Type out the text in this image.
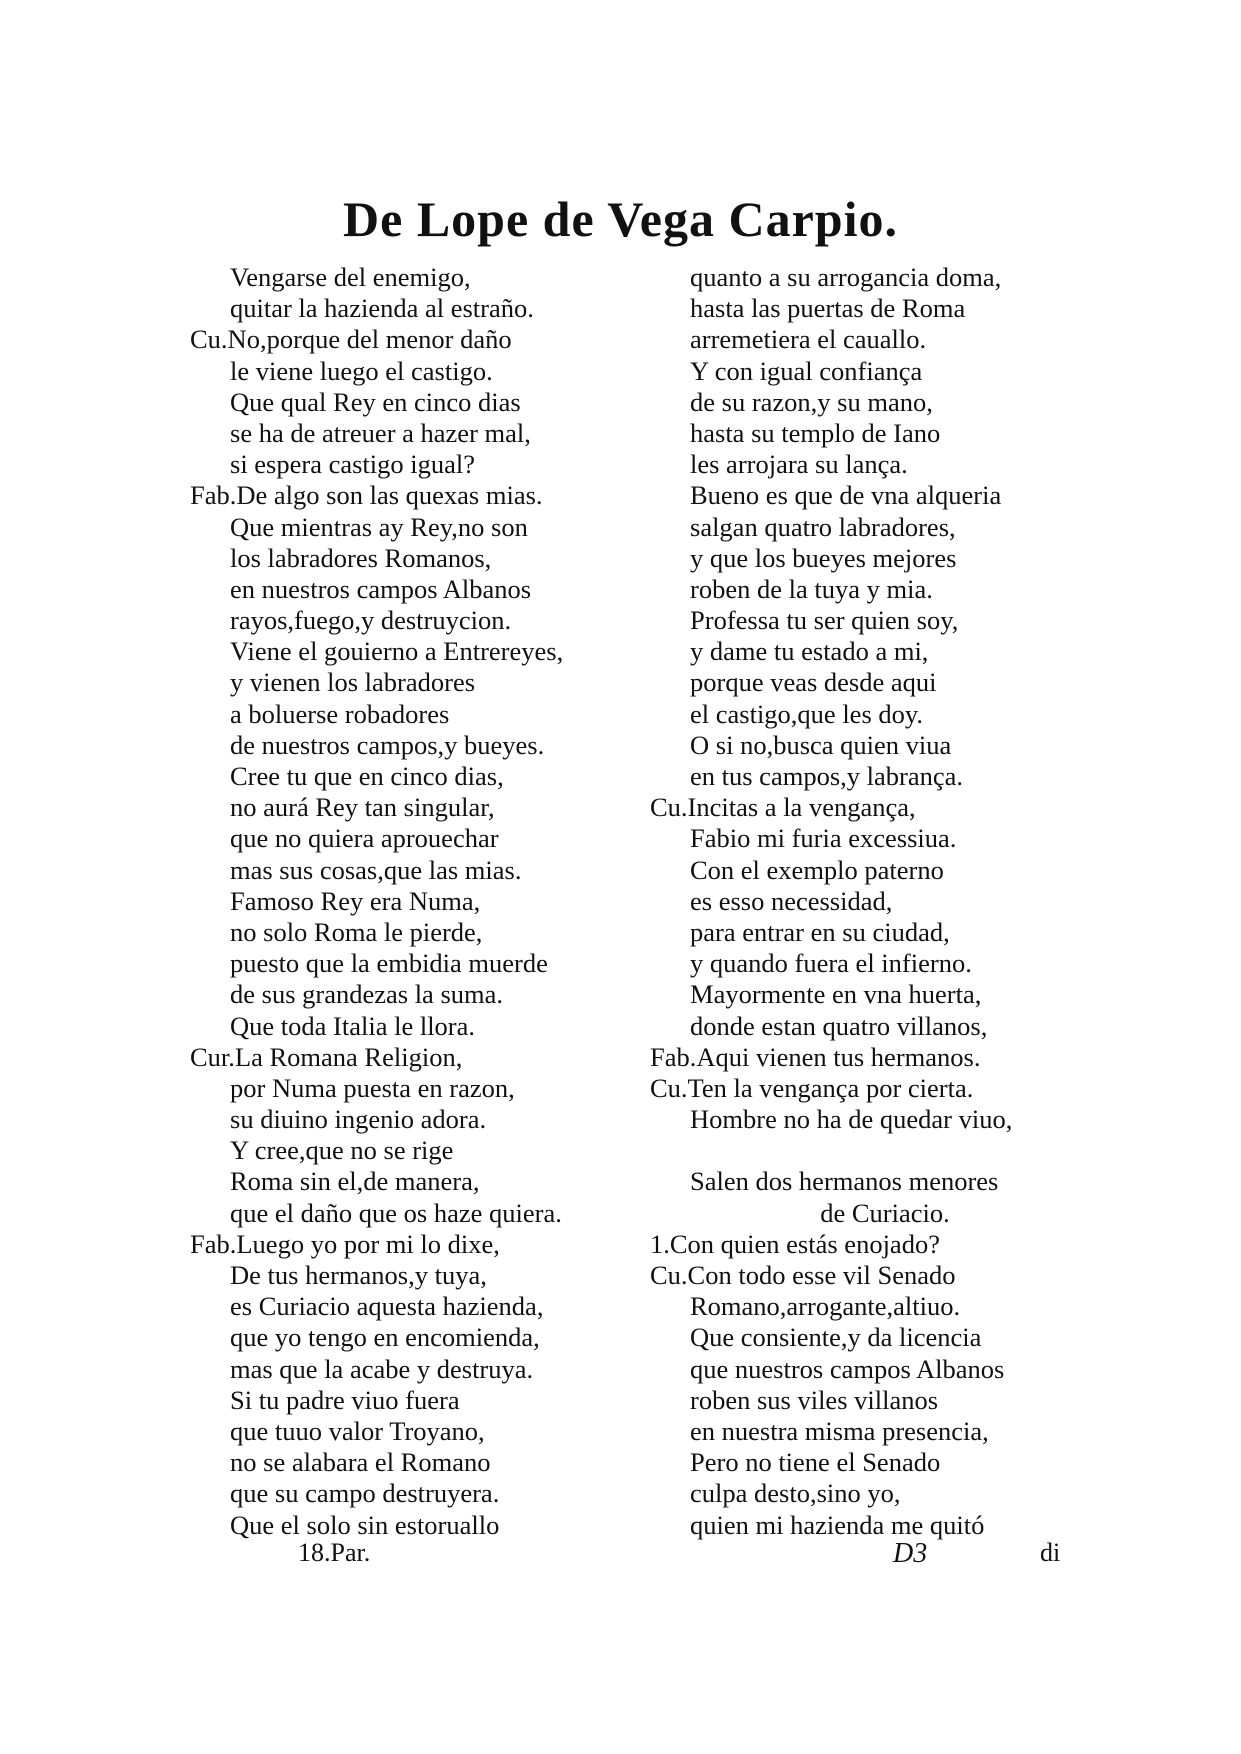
De Lope de Vega Carpio.
Vengarse del enemigo,
quitar la hazienda al estraño.
Cu.No,porque del menor daño
le viene luego el castigo.
Que qual Rey en cinco dias
se ha de atreuer a hazer mal,
si espera castigo igual?
Fab.De algo son las quexas mias.
Que mientras ay Rey,no son
los labradores Romanos,
en nuestros campos Albanos
rayos,fuego,y destruycion.
Viene el gouierno a Entrereyes,
y vienen los labradores
a boluerse robadores
de nuestros campos,y bueyes.
Cree tu que en cinco dias,
no aurá Rey tan singular,
que no quiera aprouechar
mas sus cosas,que las mias.
Famoso Rey era Numa,
no solo Roma le pierde,
puesto que la embidia muerde
de sus grandezas la suma.
Que toda Italia le llora.
Cur.La Romana Religion,
por Numa puesta en razon,
su diuino ingenio adora.
Y cree,que no se rige
Roma sin el,de manera,
que el daño que os haze quiera.
Fab.Luego yo por mi lo dixe,
De tus hermanos,y tuya,
es Curiacio aquesta hazienda,
que yo tengo en encomienda,
mas que la acabe y destruya.
Si tu padre viuo fuera
que tuuo valor Troyano,
no se alabara el Romano
que su campo destruyera.
Que el solo sin estoruallo
quanto a su arrogancia doma,
hasta las puertas de Roma
arremetiera el cauallo.
Y con igual confiança
de su razon,y su mano,
hasta su templo de Iano
les arrojara su lança.
Bueno es que de vna alqueria
salgan quatro labradores,
y que los bueyes mejores
roben de la tuya y mia.
Professa tu ser quien soy,
y dame tu estado a mi,
porque veas desde aqui
el castigo,que les doy.
O si no,busca quien viua
en tus campos,y labrança.
Cu.Incitas a la vengança,
Fabio mi furia excessiua.
Con el exemplo paterno
es esso necessidad,
para entrar en su ciudad,
y quando fuera el infierno.
Mayormente en vna huerta,
donde estan quatro villanos,
Fab.Aqui vienen tus hermanos.
Cu.Ten la vengança por cierta.
Hombre no ha de quedar viuo,
Salen dos hermanos menores
de Curiacio.
1.Con quien estás enojado?
Cu.Con todo esse vil Senado
Romano,arrogante,altiuo.
Que consiente,y da licencia
que nuestros campos Albanos
roben sus viles villanos
en nuestra misma presencia,
Pero no tiene el Senado
culpa desto,sino yo,
quien mi hazienda me quitó
18.Par.	D3	di
